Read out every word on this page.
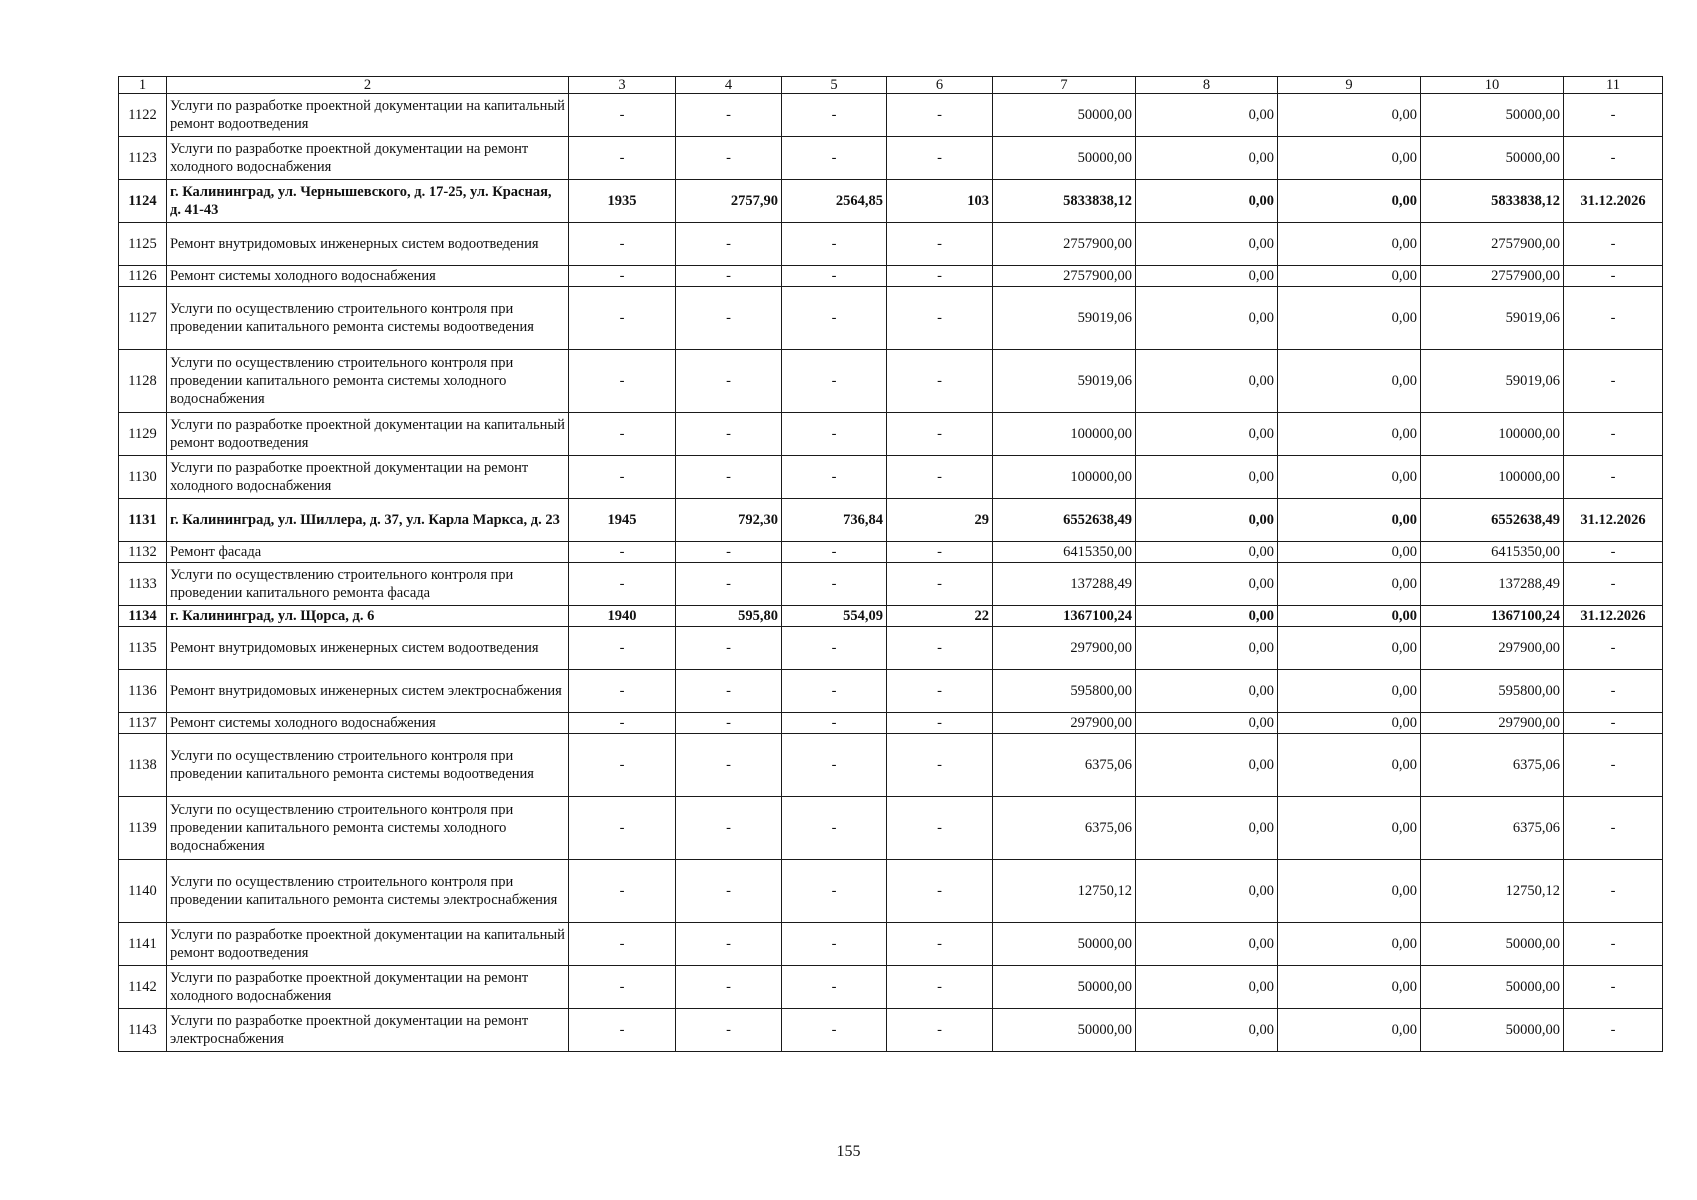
1	2	3	4	5	6	7	8	9	10	11
1122	Услуги по разработке проектной документации на капитальный ремонт водоотведения	-	-	-	-	50000,00	0,00	0,00	50000,00	-
1123	Услуги по разработке проектной документации на ремонт холодного водоснабжения	-	-	-	-	50000,00	0,00	0,00	50000,00	-
1124	г. Калининград, ул. Чернышевского, д. 17-25, ул. Красная, д. 41-43	1935	2757,90	2564,85	103	5833838,12	0,00	0,00	5833838,12	31.12.2026
1125	Ремонт внутридомовых инженерных систем водоотведения	-	-	-	-	2757900,00	0,00	0,00	2757900,00	-
1126	Ремонт системы холодного водоснабжения	-	-	-	-	2757900,00	0,00	0,00	2757900,00	-
1127	Услуги по осуществлению строительного контроля при проведении капитального ремонта системы водоотведения	-	-	-	-	59019,06	0,00	0,00	59019,06	-
1128	Услуги по осуществлению строительного контроля при проведении капитального ремонта системы холодного водоснабжения	-	-	-	-	59019,06	0,00	0,00	59019,06	-
1129	Услуги по разработке проектной документации на капитальный ремонт водоотведения	-	-	-	-	100000,00	0,00	0,00	100000,00	-
1130	Услуги по разработке проектной документации на ремонт холодного водоснабжения	-	-	-	-	100000,00	0,00	0,00	100000,00	-
1131	г. Калининград, ул. Шиллера, д. 37, ул. Карла Маркса, д. 23	1945	792,30	736,84	29	6552638,49	0,00	0,00	6552638,49	31.12.2026
1132	Ремонт фасада	-	-	-	-	6415350,00	0,00	0,00	6415350,00	-
1133	Услуги по осуществлению строительного контроля при проведении капитального ремонта фасада	-	-	-	-	137288,49	0,00	0,00	137288,49	-
1134	г. Калининград, ул. Щорса, д. 6	1940	595,80	554,09	22	1367100,24	0,00	0,00	1367100,24	31.12.2026
1135	Ремонт внутридомовых инженерных систем водоотведения	-	-	-	-	297900,00	0,00	0,00	297900,00	-
1136	Ремонт внутридомовых инженерных систем электроснабжения	-	-	-	-	595800,00	0,00	0,00	595800,00	-
1137	Ремонт системы холодного водоснабжения	-	-	-	-	297900,00	0,00	0,00	297900,00	-
1138	Услуги по осуществлению строительного контроля при проведении капитального ремонта системы водоотведения	-	-	-	-	6375,06	0,00	0,00	6375,06	-
1139	Услуги по осуществлению строительного контроля при проведении капитального ремонта системы холодного водоснабжения	-	-	-	-	6375,06	0,00	0,00	6375,06	-
1140	Услуги по осуществлению строительного контроля при проведении капитального ремонта системы электроснабжения	-	-	-	-	12750,12	0,00	0,00	12750,12	-
1141	Услуги по разработке проектной документации на капитальный ремонт водоотведения	-	-	-	-	50000,00	0,00	0,00	50000,00	-
1142	Услуги по разработке проектной документации на ремонт холодного водоснабжения	-	-	-	-	50000,00	0,00	0,00	50000,00	-
1143	Услуги по разработке проектной документации на ремонт электроснабжения	-	-	-	-	50000,00	0,00	0,00	50000,00	-
155
